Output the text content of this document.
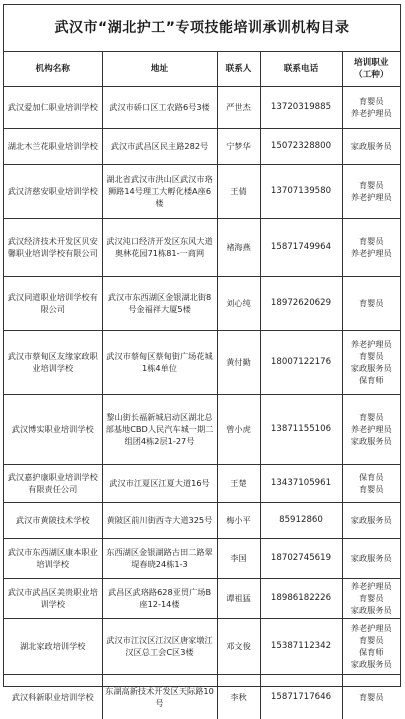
武汉市“湖北护工”专项技能培训承训机构目录
机构名称	地址	联系人	联系电话	培训职业
（工种）
武汉爱加仁职业培训学校	武汉市硚口区工农路6号3楼	严世杰	13720319885	育婴员
养老护理员

湖北木兰花职业培训学校	武汉市武昌区民主路282号	宁梦华	15072328800	家政服务员

武汉济慈安职业培训学校	湖北省武汉市洪山区武汉市珞狮路14号理工大孵化楼A座6楼	王倩	13707139580	育婴员
养老护理员

武汉经济技术开发区贝安馨职业培训学校有限公司	武汉沌口经济开发区东风大道奥林花园71栋81-一商网	褚海燕	15871749964	育婴员
养老护理员

武汉同道职业培训学校有限公司	武汉市东西湖区金银湖北街8号金福祥大厦5楼	刘心纯	18972620629	育婴员

武汉市蔡甸区友缘家政职业培训学校	武汉市蔡甸区蔡甸街广场花城1栋4单位	黄付勤	18007122176	养老护理员
育婴员
家政服务员
保育师

武汉博实职业培训学校	黎山街长福新城启动区湖北总部基地CBD人民汽车城一期二组团4栋2层1-27号	曾小虎	13871155106	育婴员
养老护理员
家政服务员

武汉嘉护康职业培训学校有限责任公司	武汉市江夏区江夏大道16号	王楚	13437105961	保育员
育婴员

武汉市黄陂技术学校	黄陂区前川街西寺大道325号	梅小平	85912860	家政服务员

武汉市东西湖区康本职业培训学校	东西湖区金银湖路古田二路翠堤春晓24栋1-3	李国	18702745619	家政服务员

武汉市武昌区美贵职业培训学校	武昌区武珞路628亚贸广场B座12-14楼	谭祖猛	18986182226	养老护理员
育婴员
家政服务员

湖北家政培训学校	武汉市江汉区江汉区唐家墩江汉区总工会C区3楼	邓文俊	15387112342	养老护理员
育婴员
保育师
家政服务员

武汉科新职业培训学校	东湖高新技术开发区天际路10号	李秋	15871717646	育婴员
